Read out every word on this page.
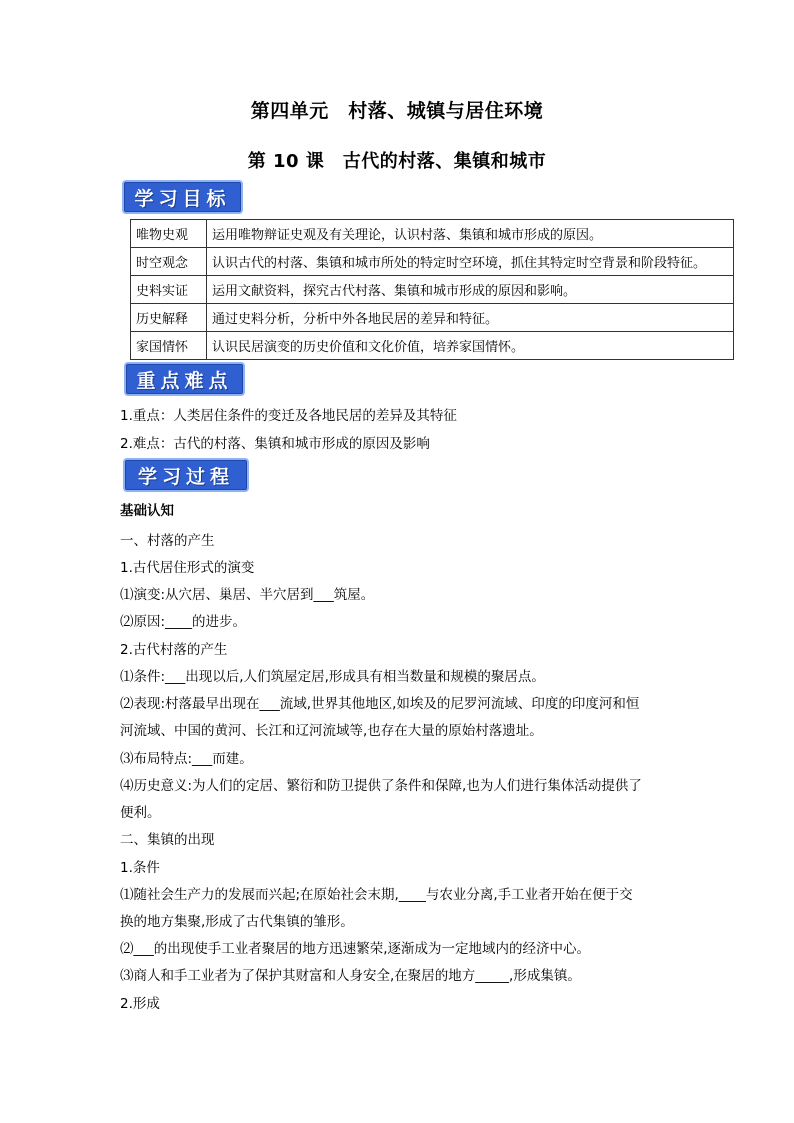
第四单元　村落、城镇与居住环境
第 10 课　古代的村落、集镇和城市
学习目标
唯物史观	运用唯物辩证史观及有关理论，认识村落、集镇和城市形成的原因。
时空观念	认识古代的村落、集镇和城市所处的特定时空环境，抓住其特定时空背景和阶段特征。
史料实证	运用文献资料，探究古代村落、集镇和城市形成的原因和影响。
历史解释	通过史料分析，分析中外各地民居的差异和特征。
家国情怀	认识民居演变的历史价值和文化价值，培养家国情怀。
重点难点
1.重点：人类居住条件的变迁及各地民居的差异及其特征
2.难点：古代的村落、集镇和城市形成的原因及影响
学习过程
基础认知
一、村落的产生
1.古代居住形式的演变
⑴演变:从穴居、巢居、半穴居到___筑屋。
⑵原因:____的进步。
2.古代村落的产生
⑴条件:___出现以后,人们筑屋定居,形成具有相当数量和规模的聚居点。
⑵表现:村落最早出现在___流域,世界其他地区,如埃及的尼罗河流域、印度的印度河和恒
河流域、中国的黄河、长江和辽河流域等,也存在大量的原始村落遗址。
⑶布局特点:___而建。
⑷历史意义:为人们的定居、繁衍和防卫提供了条件和保障,也为人们进行集体活动提供了
便利。
二、集镇的出现
1.条件
⑴随社会生产力的发展而兴起;在原始社会末期,____与农业分离,手工业者开始在便于交
换的地方集聚,形成了古代集镇的雏形。
⑵___的出现使手工业者聚居的地方迅速繁荣,逐渐成为一定地域内的经济中心。
⑶商人和手工业者为了保护其财富和人身安全,在聚居的地方_____,形成集镇。
2.形成
